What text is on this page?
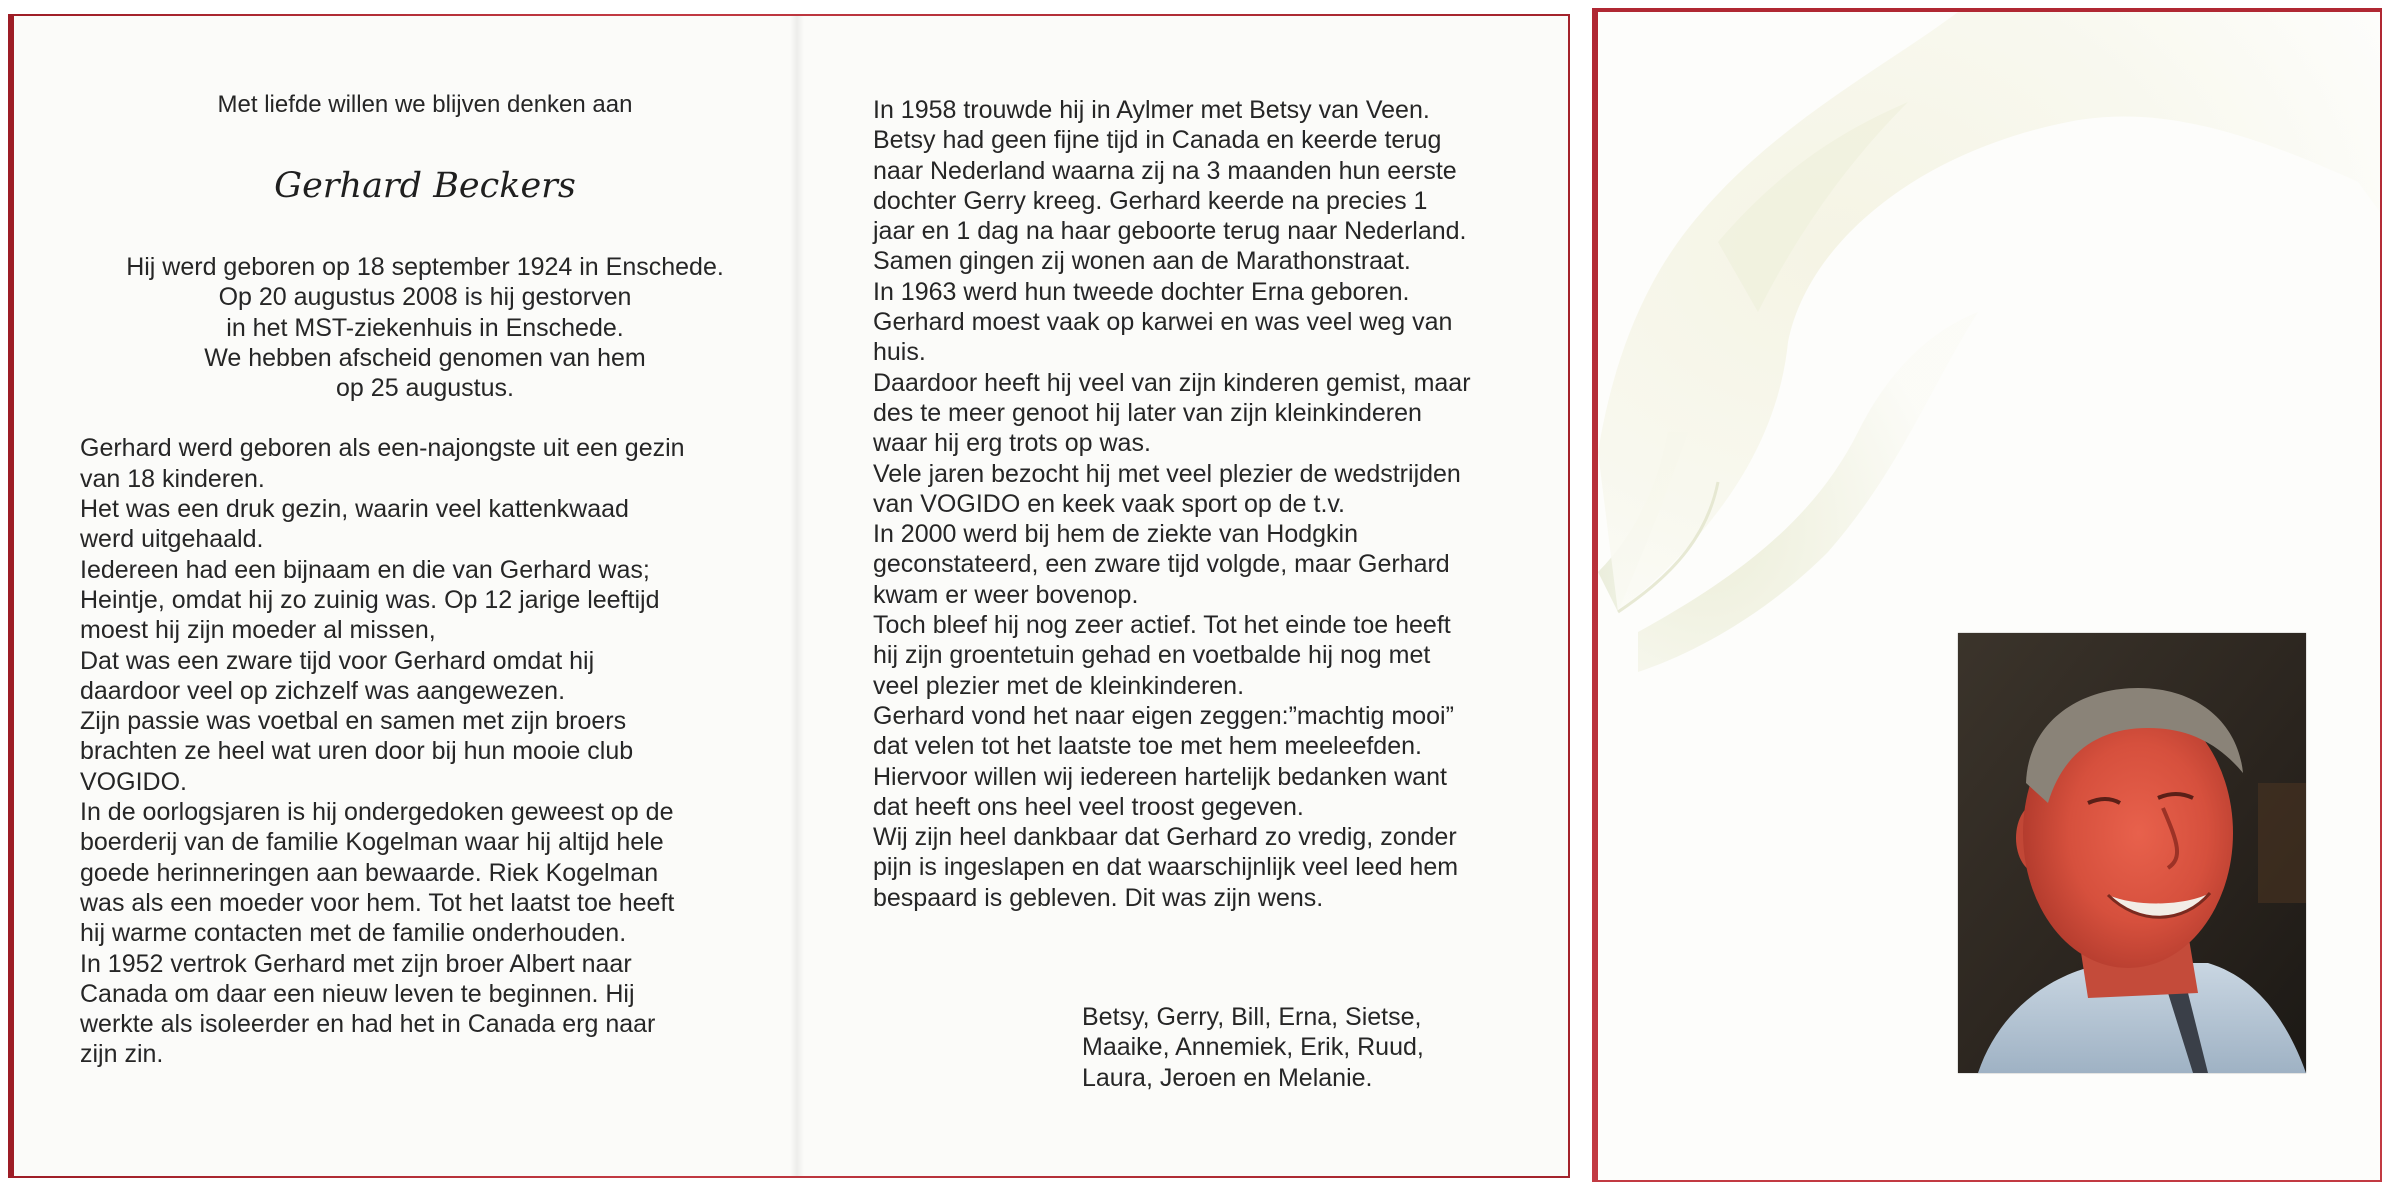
Met liefde willen we blijven denken aan
Gerhard Beckers
Hij werd geboren op 18 september 1924 in Enschede.
Op 20 augustus 2008 is hij gestorven
in het MST-ziekenhuis in Enschede.
We hebben afscheid genomen van hem
op 25 augustus.
Gerhard werd geboren als een-najongste uit een gezin
van 18 kinderen.
Het was een druk gezin, waarin veel kattenkwaad
werd uitgehaald.
Iedereen had een bijnaam en die van Gerhard was;
Heintje, omdat hij zo zuinig was. Op 12 jarige leeftijd
moest hij zijn moeder al missen,
Dat was een zware tijd voor Gerhard omdat hij
daardoor veel op zichzelf was aangewezen.
Zijn passie was voetbal en samen met zijn broers
brachten ze heel wat uren door bij hun mooie club
VOGIDO.
In de oorlogsjaren is hij ondergedoken geweest op de
boerderij van de familie Kogelman waar hij altijd hele
goede herinneringen aan bewaarde. Riek Kogelman
was als een moeder voor hem. Tot het laatst toe heeft
hij warme contacten met de familie onderhouden.
In 1952 vertrok Gerhard met zijn broer Albert naar
Canada om daar een nieuw leven te beginnen. Hij
werkte als isoleerder en had het in Canada erg naar
zijn zin.
In 1958 trouwde hij in Aylmer met Betsy van Veen.
Betsy had geen fijne tijd in Canada en keerde terug
naar Nederland waarna zij na 3 maanden hun eerste
dochter Gerry kreeg. Gerhard keerde na precies 1
jaar en 1 dag na haar geboorte terug naar Nederland.
Samen gingen zij wonen aan de Marathonstraat.
In 1963 werd hun tweede dochter Erna geboren.
Gerhard moest vaak op karwei en was veel weg van
huis.
Daardoor heeft hij veel van zijn kinderen gemist, maar
des te meer genoot hij later van zijn kleinkinderen
waar hij erg trots op was.
Vele jaren bezocht hij met veel plezier de wedstrijden
van VOGIDO en keek vaak sport op de t.v.
In 2000 werd bij hem de ziekte van Hodgkin
geconstateerd, een zware tijd volgde, maar Gerhard
kwam er weer bovenop.
Toch bleef hij nog zeer actief. Tot het einde toe heeft
hij zijn groentetuin gehad en voetbalde hij nog met
veel plezier met de kleinkinderen.
Gerhard vond het naar eigen zeggen:”machtig mooi”
dat velen tot het laatste toe met hem meeleefden.
Hiervoor willen wij iedereen hartelijk bedanken want
dat heeft ons heel veel troost gegeven.
Wij zijn heel dankbaar dat Gerhard zo vredig, zonder
pijn is ingeslapen en dat waarschijnlijk veel leed hem
bespaard is gebleven. Dit was zijn wens.
Betsy, Gerry, Bill, Erna, Sietse,
Maaike, Annemiek, Erik, Ruud,
Laura, Jeroen en Melanie.
